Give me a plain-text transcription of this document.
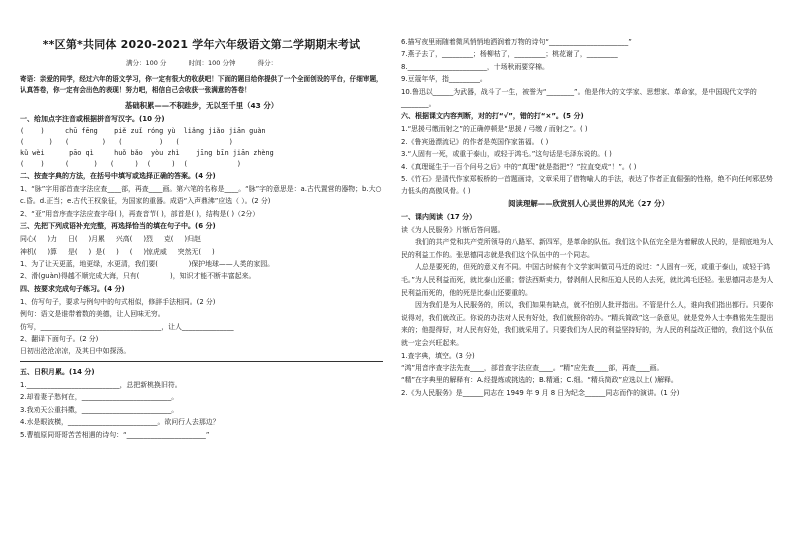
**区第*共同体 2020-2021 学年六年级语文第二学期期末考试

满分：100 分	时间：100 分钟	得分：

寄语：亲爱的同学，经过六年的语文学习，你一定有很大的收获吧！下面的题目给你提供了一个全面创设的平台，仔细审题，认真答卷，你一定有会出色的表现！努力吧，相信自己会收获一张满意的答卷！

基础积累——不积跬步，无以至千里（43 分）

一、给加点字注音或根据拼音写汉字。(10 分)

(    )     chū fēng    piě zuǐ róng yù  liǎng jiǎo jiān guàn

(      )   (        )   (         )   (            )

kǔ wèi      pāo qì     huǒ bǎo  yòu zhì    jīng bīn jiān zhèng

(    )     (      )   (     )  (     )  (            )

二、按查字典的方法，在括号中填写或选择正确的答案。(4 分)

1、“脉”字用部首查字法应查____部，再查____画。第六笔的名称是____。“脉”字的意思是：a.古代置营的器物；b.大○ c.昏。d.正当；e.古代王权象征，为国家的重器。成语“入声鼎沸”应选（ ）。(2 分)

2、“亚”用音序查字法应查字母( )，再查音节( )，部首是( )，结构是( )（2分）

三、先把下列成语补充完整，再选择恰当的填在句子中。(6 分)

同心(     )力     日(     )月累     兴高(     )烈     克(     )归赵

神机(     )算     是(     )  是(     )     (     )惊虎威     突然无(     )

1、为了让天更蓝，地更绿，水更清，我们要(              )保护地球——人类的家园。

2、滑(guàn)得越不顺完成大海，只有(              )，知识才能不断丰富起来。

四、按要求完成句子练习。(4 分)

1、仿写句子，要求与例句中的句式相似，修辞手法相同。(2 分)

例句：语文是谁带着数的美德，让人回味无穷。

仿写，___________________________________，让人_______________

2、翻译下面句子。(2 分)

日初出沧沧凉凉，及其日中如探汤。

五、日积月累。(14 分)

1.___________________________，总把新桃换旧符。

2.却看妻子愁何在，__________________________。

3.我劝天公重抖擞，__________________________。

4.水是眼波横，__________________________。欲问行人去那边？

5.曹植原同哥哥苦苦相遇的诗句：“_______________________”

6.描写夜里雨随着微风悄悄地洒润着万物的诗句“_______________________”

7.燕子去了，_________；杨柳枯了，_________；桃花谢了，_________

8._______________________，十场秋雨要穿棉。

9.豆蔻年华，指_________。

10.鲁迅以______为武器，战斗了一生，被誉为“________”。他是伟大的文学家、思想家、革命家，是中国现代文学的________。

六、根据课文内容判断，对的打“√”，错的打“×”。(5 分)

1.“思援弓缴而射之”的正确停顿是“思援 / 弓缴 / 而射之”。( )

2.《鲁宾逊漂流记》的作者是英国作家笛福。 ( )

3.“人固有一死，或重于泰山，或轻于鸿毛。”这句话是毛泽东说的。( )

4.《真理诞生于一百个问号之后》中的“真理”就是指把“？”拉直变成“！”。( )

5.《竹石》是清代作家郑板桥的一首题画诗，文章采用了借物喻人的手法，表达了作者正直倔强的性格，绝不向任何邪恶势力低头的高傲风骨。( )

阅读理解——欣赏别人心灵世界的风光（27 分）

一、课内阅读（17 分）

读《为人民服务》片断后答问题。

我们的共产党和共产党所领导的八路军、新四军，是革命的队伍。我们这个队伍完全是为着解放人民的，是彻底地为人民的利益工作的。张思德同志就是我们这个队伍中的一个同志。

人总是要死的，但死的意义有不同。中国古时候有个文学家叫做司马迁的说过：“人固有一死，或重于泰山，或轻于鸿毛。”为人民利益而死，就比泰山还重；替法西斯卖力，替剥削人民和压迫人民的人去死，就比鸿毛还轻。张思德同志是为人民利益而死的，他的死是比泰山还要重的。

因为我们是为人民服务的，所以，我们如果有缺点，就不怕别人批评指出。不管是什么人，谁向我们指出都行。只要你说得对，我们就改正。你说的办法对人民有好处，我们就照你的办。“精兵简政”这一条意见，就是党外人士李鼎铭先生提出来的；他提得好，对人民有好处，我们就采用了。只要我们为人民的利益坚持好的，为人民的利益改正错的，我们这个队伍就一定会兴旺起来。

1.查字典，填空。(3 分)

“鸿”用音序查字法先查____，部首查字法应查____。“精”应先查____部，再查____画。

“精”在字典里的解释有：A.经提炼或挑选的；B.精通；C.细。“精兵简政”应选以上( )解释。

2.《为人民服务》是______同志在 1949 年 9 月 8 日为纪念______同志而作的演讲。(1 分)
